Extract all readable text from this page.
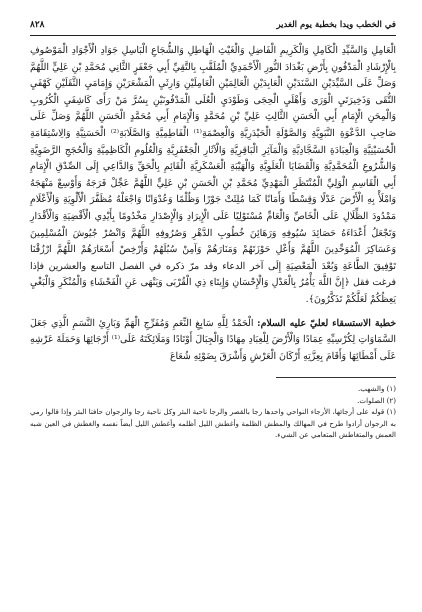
في الخطب ويدا بخطبة يوم الغدير
٨٢٨

الْعَامِلِ وَالسَّيِّدِ الْكَامِلِ وَالْكَرِيمِ الْفَاضِلِ وَالْغَيْثِ الْهَاطِلِ وَالشُّجَاعِ الْبَاسِلِ جَوَادِ الْأَجْوَادِ الْمَوْصُوفِ بِالْإِرْشَادِ الْمَدْفُونِ بِأَرْضِ بَغْدَادَ النُّورِ الْأَحْمَدِيِّ الْمُلَقَّبِ بِالتَّقِيِّ أَبِي جَعْفَرٍ الثَّانِي مُحَمَّدِ بْنِ عَلِيٍّ اللَّهُمَّ وَصَلِّ عَلَى السَّيِّدَيْنِ السَّنَدَيْنِ الْعَابِدَيْنِ الْعَالِمَيْنِ الْعَامِلَيْنِ وَارِثَيِ الْمَشْعَرَيْنِ وَإِمَامَيِ الثَّقَلَيْنِ كَهْفَيِ التُّقَى وَذَخِيرَتَيِ الْوَرَى وَأَهْلَيِ الْحِجَى وَطَوْدَيِ الْعُلَى الْمَدْفُونَيْنِ بِسُرَّ مَنْ رَأَى كَاشِفَيِ الْكُرُوبِ وَالْمِحَنِ الْإِمَامِ أَبِي الْحَسَنِ الثَّالِثِ عَلِيِّ بْنِ مُحَمَّدٍ وَالْإِمَامِ أَبِي مُحَمَّدٍ الْحَسَنِ اللَّهُمَّ وَصَلِّ عَلَى صَاحِبِ الدَّعْوَةِ النَّبَوِيَّةِ وَالصَّوْلَةِ الْحَيْدَرِيَّةِ وَالْعِصْمَةِ⁽¹⁾ الْفَاطِمِيَّةِ وَالصَّلَابَةِ⁽²⁾ الْحَسَنِيَّةِ وَالِاسْتِقَامَةِ الْحُسَيْنِيَّةِ وَالْعِبَادَةِ السَّجَّادِيَّةِ وَالْمَآثِرِ الْبَاقِرِيَّةِ وَالْآثَارِ الْجَعْفَرِيَّةِ وَالْعُلُومِ الْكَاظِمِيَّةِ وَالْحُجَجِ الرَّضَوِيَّةِ وَالشُّرُوعِ الْمُحَمَّدِيَّةِ وَالْقَضَايَا الْعَلَوِيَّةِ وَالْهَيْبَةِ الْعَسْكَرِيَّةِ الْقَائِمِ بِالْحَقِّ وَالدَّاعِي إِلَى الصِّدْقِ الْإِمَامِ أَبِي الْقَاسِمِ الْوَلِيِّ الْمُنْتَظَرِ الْمَهْدِيِّ مُحَمَّدِ بْنِ الْحَسَنِ بْنِ عَلِيٍّ اللَّهُمَّ عَجِّلْ فَرَجَهُ وَأَوْسِعْ مَنْهَجَهُ وَامْلَأْ بِهِ الْأَرْضَ عَدْلًا وَقِسْطًا وَأَمَانًا كَمَا مُلِئَتْ جَوْرًا وَظُلْمًا وَعُدْوَانًا وَاجْعَلْهُ مُظَفَّرَ الْأَلْوِيَةِ وَالْأَعْلَامِ مَمْدُودَ الظِّلَالِ عَلَى الْخَاصِّ وَالْعَامِّ مُسْتَوْلِيًا عَلَى الْإِيرَادِ وَالْإِصْدَارِ مَخْدُومًا بِأَيْدِي الْأَقْضِيَةِ وَالْأَقْدَارِ وَتَجْعَلُ أَعْدَاءَهُ حَصَائِدَ سُيُوفِهِ وَرَهَائِنَ خُطُوبِ الدَّهْرِ وَصُرُوفِهِ اللَّهُمَّ وَانْصُرْ جُيُوشَ الْمُسْلِمِينَ وَعَسَاكِرَ الْمُوَحِّدِينَ اللَّهُمَّ وَأَعْلِ حَوْزَتَهُمْ وَمَنَارَهُمْ وَآمِنْ سُبُلَهُمْ وَأَرْخِصْ أَسْعَارَهُمْ اللَّهُمَّ ارْزُقْنَا تَوْفِيقَ الطَّاعَةِ وَبُعْدَ الْمَعْصِيَةِ إِلَى آخر الدعاء وقد مرّ ذكره في الفصل التاسع والعشرين فإذا فرغت فقل ﴿إِنَّ اللَّهَ يَأْمُرُ بِالْعَدْلِ وَالْإِحْسَانِ وَإِيتَاءِ ذِي الْقُرْبَى وَيَنْهَى عَنِ الْفَحْشَاءِ وَالْمُنْكَرِ وَالْبَغْيِ يَعِظُكُمْ لَعَلَّكُمْ تَذَكَّرُونَ﴾.

خطبة الاستسقاء لعليّ عليه السلام: الْحَمْدُ لِلَّهِ سَابِغِ النِّعَمِ وَمُفَرِّجِ الْهَمِّ وَبَارِئِ النَّسَمِ الَّذِي جَعَلَ السَّمَاوَاتِ لِكُرْسِيِّهِ عِمَادًا وَالْأَرْضَ لِلْعِبَادِ مِهَادًا وَالْجِبَالَ أَوْتَادًا وَمَلَائِكَتَهُ عَلَى⁽¹⁾ أَرْجَائِهَا وَحَمَلَةَ عَرْشِهِ عَلَى أَمْطَائِهَا وَأَقَامَ بِعِزَّتِهِ أَرْكَانَ الْعَرْشِ وَأَشْرَقَ بِضَوْئِهِ شُعَاعَ

(١) والشهب.

(٢) الصلوات.

(١) قوله على أرجائها، الأرجاء النواحي واحدها رجا بالقصر والرجا ناحية البئر وكل ناحية رجا والرجوان حافتا البئر وإذا قالوا رمي به الرجوان أرادوا طرح في المهالك والمطش الظلمة وأغطش الليل أظلمه وأغطش الليل أيضاً نفسه والغطش في العين شبه العمش والمتغاطش المتعامي عن الشيء.
